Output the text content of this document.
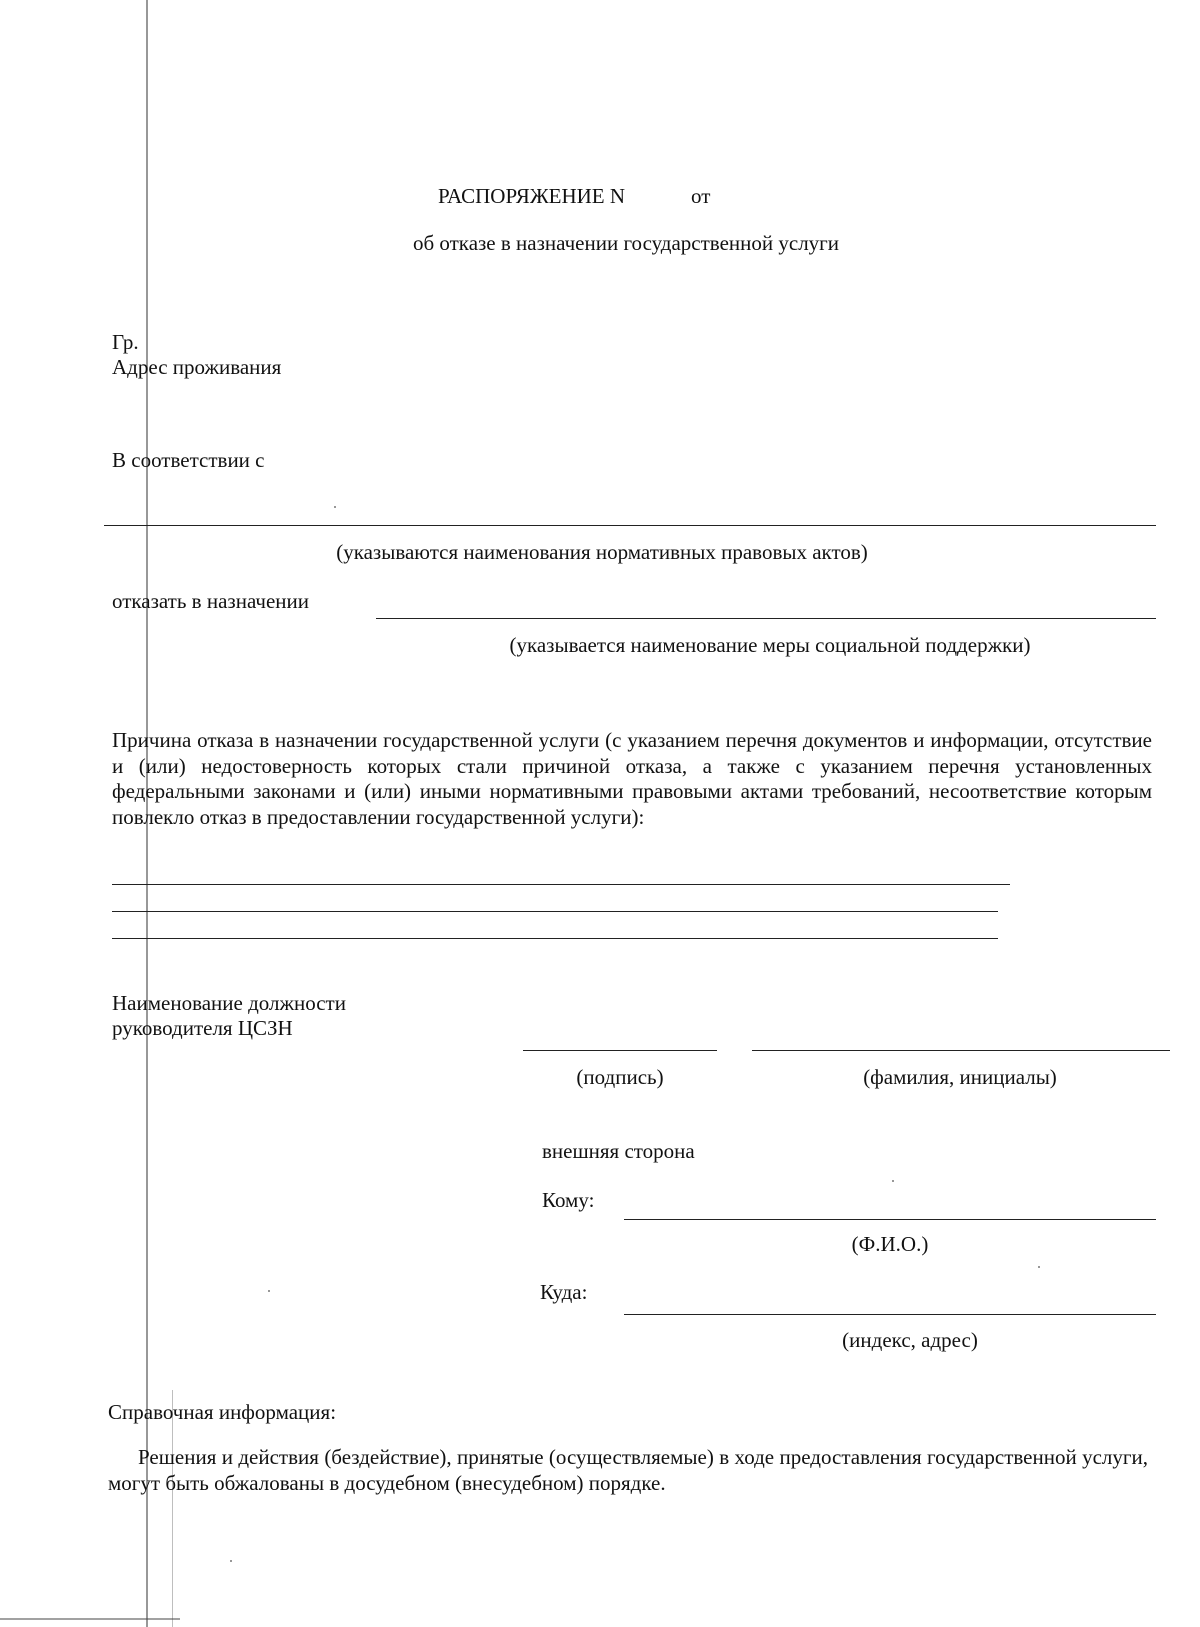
РАСПОРЯЖЕНИЕ N	от
об отказе в назначении государственной услуги
Гр.
Адрес проживания
В соответствии с
(указываются наименования нормативных правовых актов)
отказать в назначении
(указывается наименование меры социальной поддержки)
Причина отказа в назначении государственной услуги (с указанием перечня документов и информации, отсутствие и (или) недостоверность которых стали причиной отказа, а также с указанием перечня установленных федеральными законами и (или) иными нормативными правовыми актами требований, несоответствие которым повлекло отказ в предоставлении государственной услуги):
Наименование должности
руководителя ЦСЗН
(подпись)	(фамилия, инициалы)
внешняя сторона
Кому:
(Ф.И.О.)
Куда:
(индекс, адрес)
Справочная информация:
Решения и действия (бездействие), принятые (осуществляемые) в ходе предоставления государственной услуги, могут быть обжалованы в досудебном (внесудебном) порядке.
